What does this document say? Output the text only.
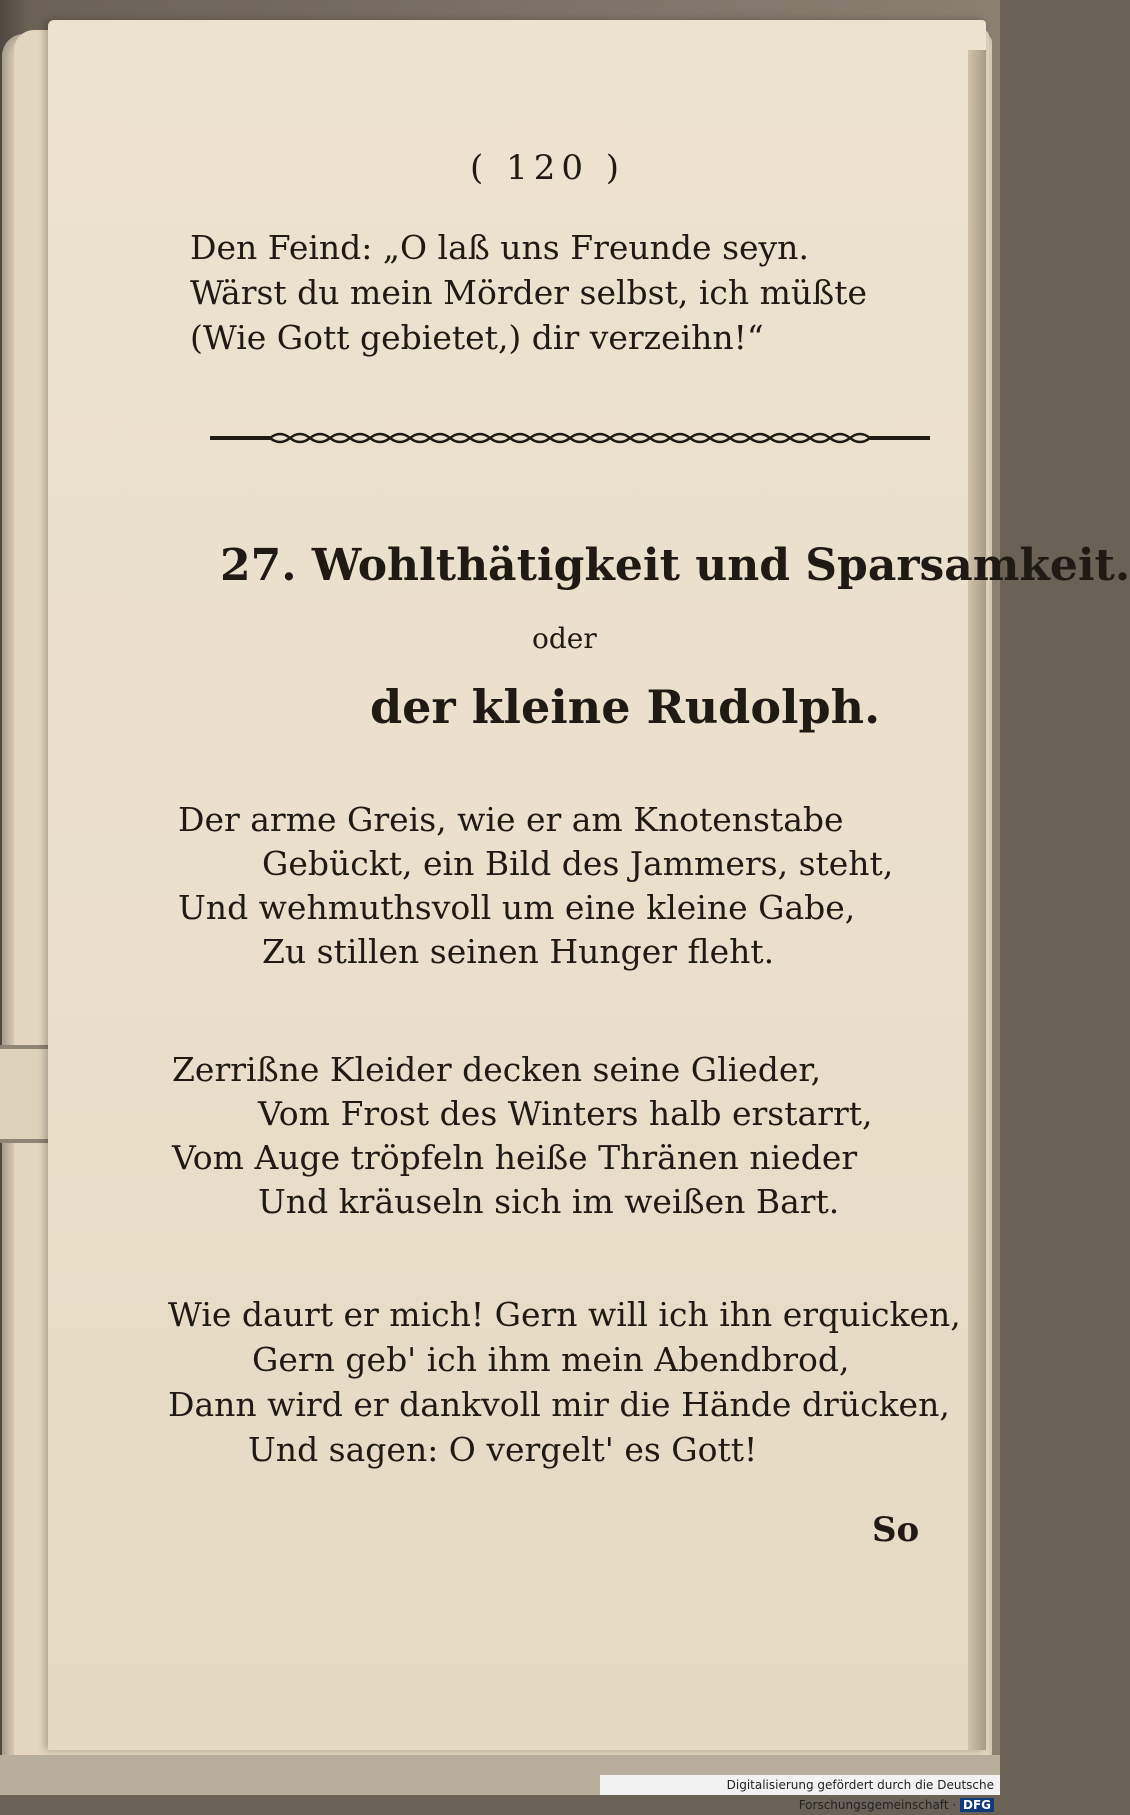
( 120 )
Den Feind: „O laß uns Freunde seyn.
Wärst du mein Mörder selbst, ich müßte
(Wie Gott gebietet,) dir verzeihn!“
27. Wohlthätigkeit und Sparsamkeit.
oder
der kleine Rudolph.
Der arme Greis, wie er am Knotenstabe
Gebückt, ein Bild des Jammers, steht,
Und wehmuthsvoll um eine kleine Gabe,
Zu stillen seinen Hunger fleht.
Zerrißne Kleider decken seine Glieder,
Vom Frost des Winters halb erstarrt,
Vom Auge tröpfeln heiße Thränen nieder
Und kräuseln sich im weißen Bart.
Wie daurt er mich! Gern will ich ihn erquicken,
Gern geb' ich ihm mein Abendbrod,
Dann wird er dankvoll mir die Hände drücken,
Und sagen: O vergelt' es Gott!
So
Digitalisierung gefördert durch die Deutsche Forschungsgemeinschaft · DFG
